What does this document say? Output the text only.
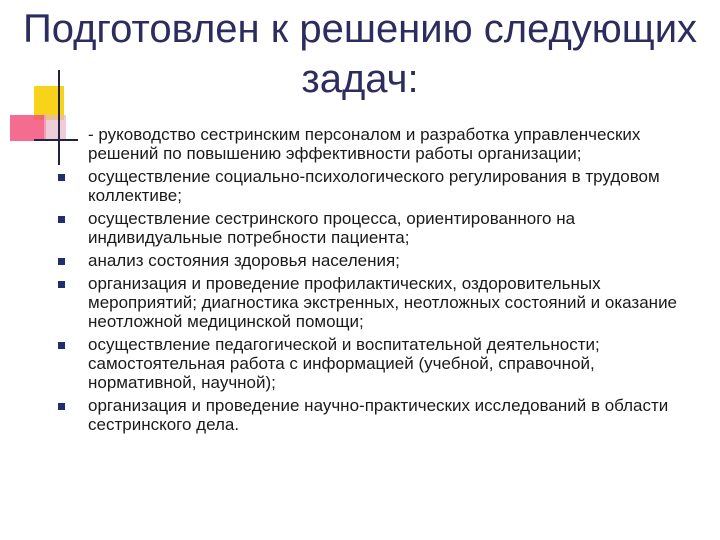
Подготовлен к решению следующих задач:
- руководство сестринским персоналом и разработка управленческих решений по повышению эффективности работы организации;
осуществление социально-психологического регулирования в трудовом коллективе;
осуществление сестринского процесса, ориентированного на индивидуальные потребности пациента;
анализ состояния здоровья населения;
организация и проведение профилактических, оздоровительных мероприятий; диагностика экстренных, неотложных состояний и оказание неотложной медицинской помощи;
осуществление педагогической и воспитательной деятельности; самостоятельная работа с информацией (учебной, справочной, нормативной, научной);
организация и проведение научно-практических исследований в области сестринского дела.
